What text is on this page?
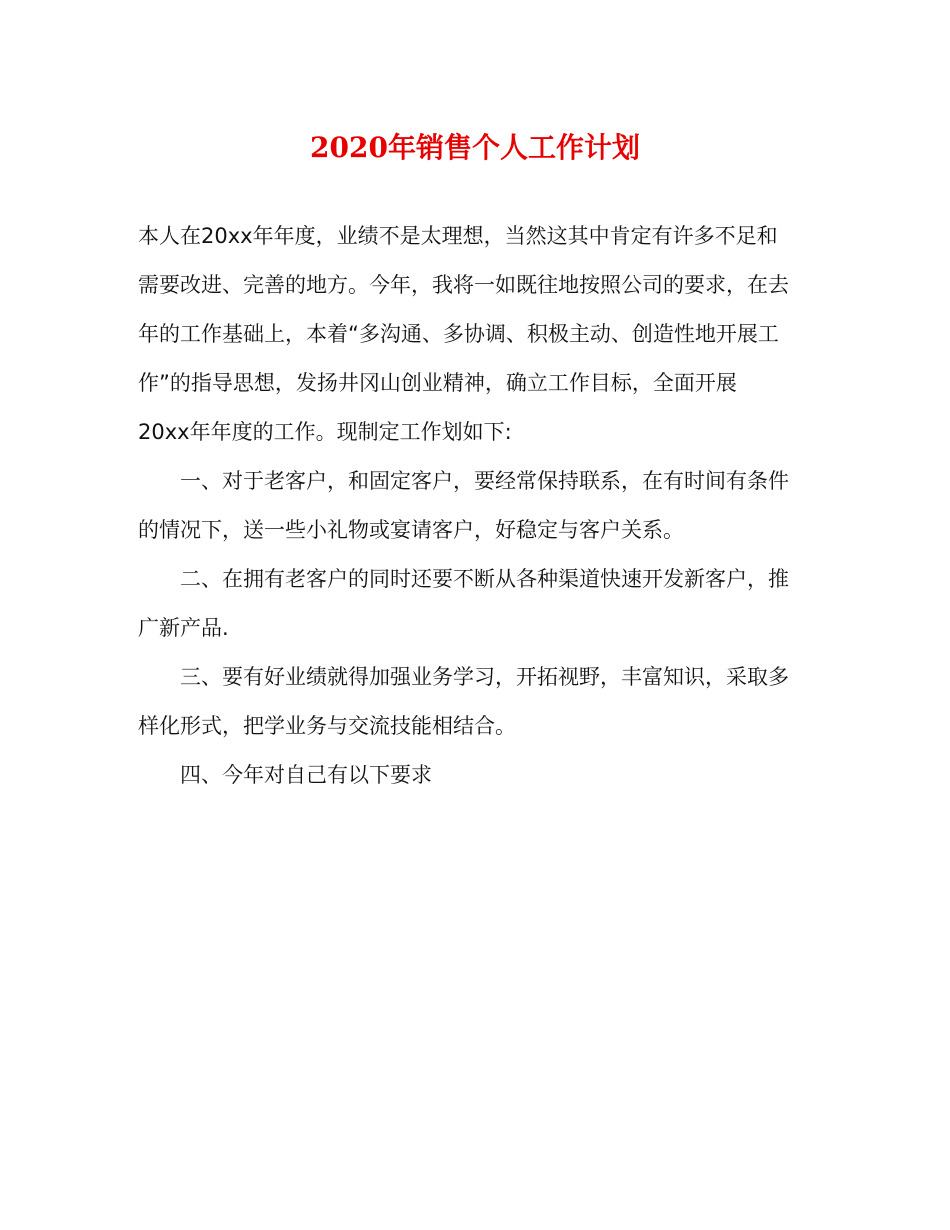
2020年销售个人工作计划
本人在20xx年年度，业绩不是太理想，当然这其中肯定有许多不足和
需要改进、完善的地方。今年，我将一如既往地按照公司的要求，在去
年的工作基础上，本着“多沟通、多协调、积极主动、创造性地开展工
作”的指导思想，发扬井冈山创业精神，确立工作目标，全面开展
20xx年年度的工作。现制定工作划如下:
一、对于老客户，和固定客户，要经常保持联系，在有时间有条件
的情况下，送一些小礼物或宴请客户，好稳定与客户关系。
二、在拥有老客户的同时还要不断从各种渠道快速开发新客户，推
广新产品.
三、要有好业绩就得加强业务学习，开拓视野，丰富知识，采取多
样化形式，把学业务与交流技能相结合。
四、今年对自己有以下要求
